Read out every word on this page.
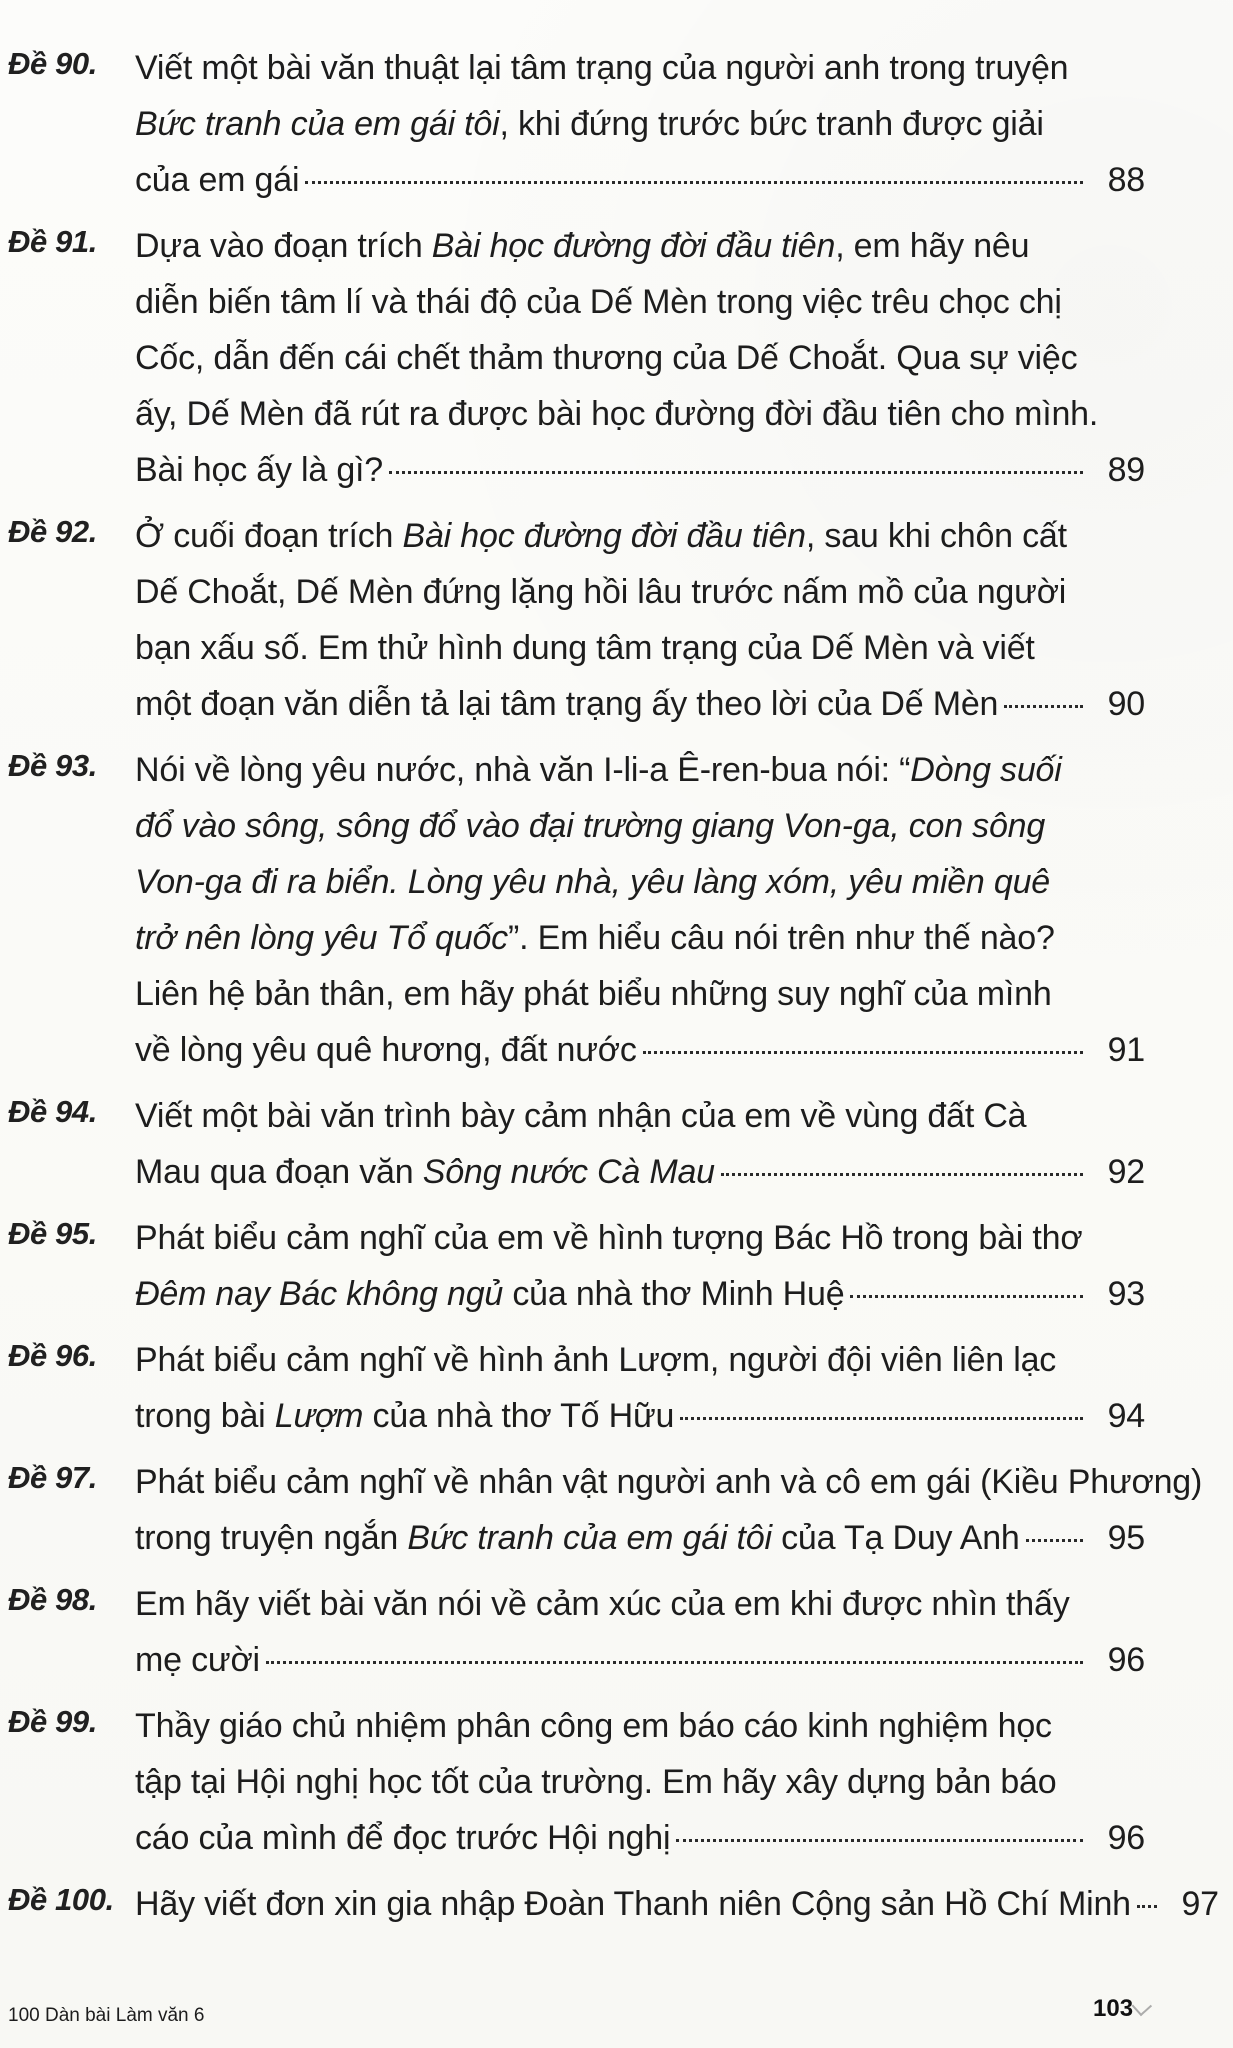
Đề 90. Viết một bài văn thuật lại tâm trạng của người anh trong truyện
Bức tranh của em gái tôi, khi đứng trước bức tranh được giải
của em gái	88
Đề 91. Dựa vào đoạn trích Bài học đường đời đầu tiên, em hãy nêu
diễn biến tâm lí và thái độ của Dế Mèn trong việc trêu chọc chị
Cốc, dẫn đến cái chết thảm thương của Dế Choắt. Qua sự việc
ấy, Dế Mèn đã rút ra được bài học đường đời đầu tiên cho mình.
Bài học ấy là gì?	89
Đề 92. Ở cuối đoạn trích Bài học đường đời đầu tiên, sau khi chôn cất
Dế Choắt, Dế Mèn đứng lặng hồi lâu trước nấm mồ của người
bạn xấu số. Em thử hình dung tâm trạng của Dế Mèn và viết
một đoạn văn diễn tả lại tâm trạng ấy theo lời của Dế Mèn	90
Đề 93. Nói về lòng yêu nước, nhà văn I-li-a Ê-ren-bua nói: “Dòng suối
đổ vào sông, sông đổ vào đại trường giang Von-ga, con sông
Von-ga đi ra biển. Lòng yêu nhà, yêu làng xóm, yêu miền quê
trở nên lòng yêu Tổ quốc”. Em hiểu câu nói trên như thế nào?
Liên hệ bản thân, em hãy phát biểu những suy nghĩ của mình
về lòng yêu quê hương, đất nước	91
Đề 94. Viết một bài văn trình bày cảm nhận của em về vùng đất Cà
Mau qua đoạn văn Sông nước Cà Mau	92
Đề 95. Phát biểu cảm nghĩ của em về hình tượng Bác Hồ trong bài thơ
Đêm nay Bác không ngủ của nhà thơ Minh Huệ	93
Đề 96. Phát biểu cảm nghĩ về hình ảnh Lượm, người đội viên liên lạc
trong bài Lượm của nhà thơ Tố Hữu	94
Đề 97. Phát biểu cảm nghĩ về nhân vật người anh và cô em gái (Kiều Phương)
trong truyện ngắn Bức tranh của em gái tôi của Tạ Duy Anh	95
Đề 98. Em hãy viết bài văn nói về cảm xúc của em khi được nhìn thấy
mẹ cười	96
Đề 99. Thầy giáo chủ nhiệm phân công em báo cáo kinh nghiệm học
tập tại Hội nghị học tốt của trường. Em hãy xây dựng bản báo
cáo của mình để đọc trước Hội nghị	96
Đề 100. Hãy viết đơn xin gia nhập Đoàn Thanh niên Cộng sản Hồ Chí Minh	97
100 Dàn bài Làm văn 6	103
